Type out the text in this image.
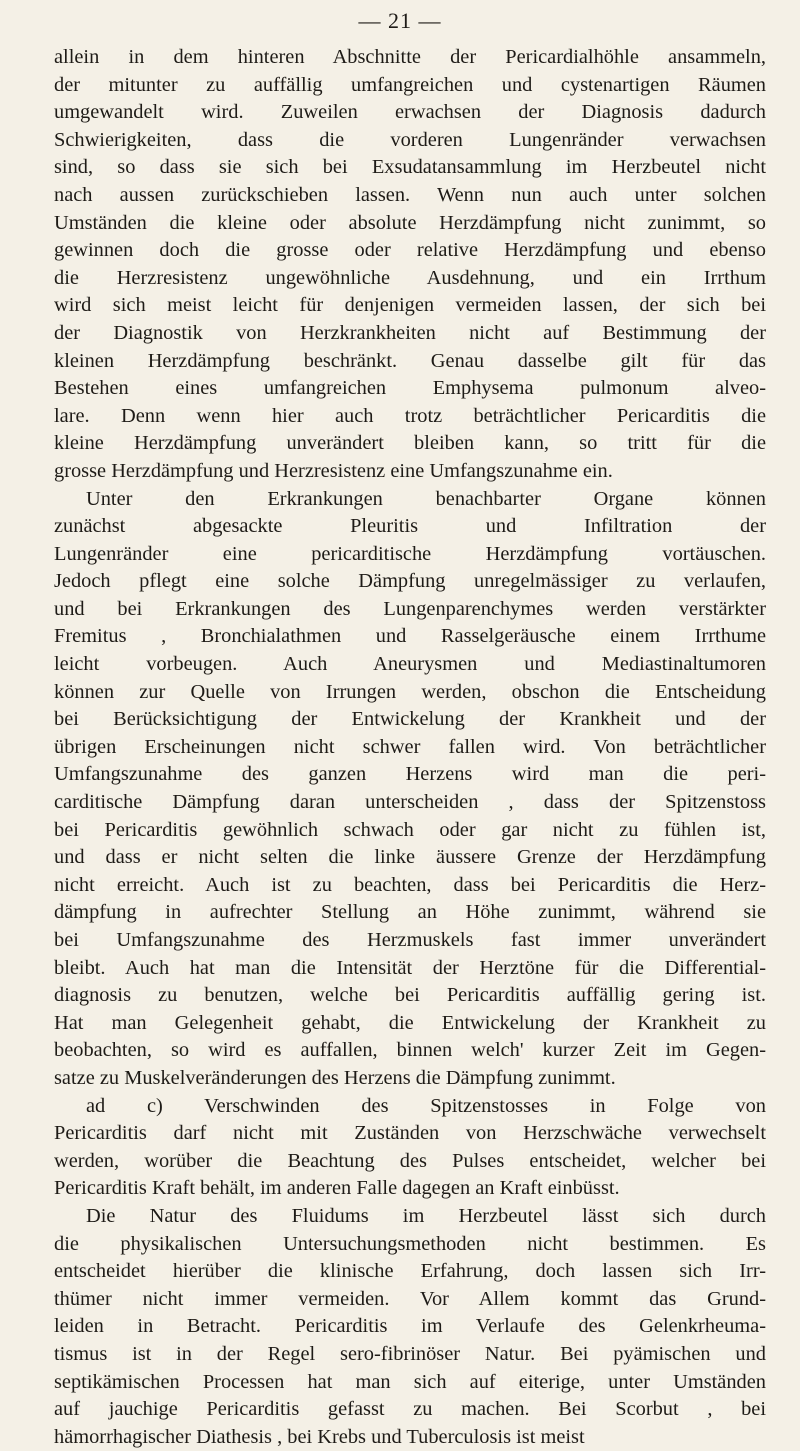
— 21 —
allein in dem hinteren Abschnitte der Pericardialhöhle ansammeln,
der mitunter zu auffällig umfangreichen und cystenartigen Räumen
umgewandelt wird. Zuweilen erwachsen der Diagnosis dadurch
Schwierigkeiten, dass die vorderen Lungenränder verwachsen
sind, so dass sie sich bei Exsudatansammlung im Herzbeutel nicht
nach aussen zurückschieben lassen. Wenn nun auch unter solchen
Umständen die kleine oder absolute Herzdämpfung nicht zunimmt, so
gewinnen doch die grosse oder relative Herzdämpfung und ebenso
die Herzresistenz ungewöhnliche Ausdehnung, und ein Irrthum
wird sich meist leicht für denjenigen vermeiden lassen, der sich bei
der Diagnostik von Herzkrankheiten nicht auf Bestimmung der
kleinen Herzdämpfung beschränkt. Genau dasselbe gilt für das
Bestehen eines umfangreichen Emphysema pulmonum alveo-
lare. Denn wenn hier auch trotz beträchtlicher Pericarditis die
kleine Herzdämpfung unverändert bleiben kann, so tritt für die
grosse Herzdämpfung und Herzresistenz eine Umfangszunahme ein.
Unter den Erkrankungen benachbarter Organe können
zunächst abgesackte Pleuritis und Infiltration der
Lungenränder eine pericarditische Herzdämpfung vortäuschen.
Jedoch pflegt eine solche Dämpfung unregelmässiger zu verlaufen,
und bei Erkrankungen des Lungenparenchymes werden verstärkter
Fremitus , Bronchialathmen und Rasselgeräusche einem Irrthume
leicht vorbeugen. Auch Aneurysmen und Mediastinaltumoren
können zur Quelle von Irrungen werden, obschon die Entscheidung
bei Berücksichtigung der Entwickelung der Krankheit und der
übrigen Erscheinungen nicht schwer fallen wird. Von beträchtlicher
Umfangszunahme des ganzen Herzens wird man die peri-
carditische Dämpfung daran unterscheiden , dass der Spitzenstoss
bei Pericarditis gewöhnlich schwach oder gar nicht zu fühlen ist,
und dass er nicht selten die linke äussere Grenze der Herzdämpfung
nicht erreicht. Auch ist zu beachten, dass bei Pericarditis die Herz-
dämpfung in aufrechter Stellung an Höhe zunimmt, während sie
bei Umfangszunahme des Herzmuskels fast immer unverändert
bleibt. Auch hat man die Intensität der Herztöne für die Differential-
diagnosis zu benutzen, welche bei Pericarditis auffällig gering ist.
Hat man Gelegenheit gehabt, die Entwickelung der Krankheit zu
beobachten, so wird es auffallen, binnen welch' kurzer Zeit im Gegen-
satze zu Muskelveränderungen des Herzens die Dämpfung zunimmt.
ad c) Verschwinden des Spitzenstosses in Folge von
Pericarditis darf nicht mit Zuständen von Herzschwäche verwechselt
werden, worüber die Beachtung des Pulses entscheidet, welcher bei
Pericarditis Kraft behält, im anderen Falle dagegen an Kraft einbüsst.
Die Natur des Fluidums im Herzbeutel lässt sich durch
die physikalischen Untersuchungsmethoden nicht bestimmen. Es
entscheidet hierüber die klinische Erfahrung, doch lassen sich Irr-
thümer nicht immer vermeiden. Vor Allem kommt das Grund-
leiden in Betracht. Pericarditis im Verlaufe des Gelenkrheuma-
tismus ist in der Regel sero-fibrinöser Natur. Bei pyämischen und
septikämischen Processen hat man sich auf eiterige, unter Umständen
auf jauchige Pericarditis gefasst zu machen. Bei Scorbut , bei
hämorrhagischer Diathesis , bei Krebs und Tuberculosis ist meist
